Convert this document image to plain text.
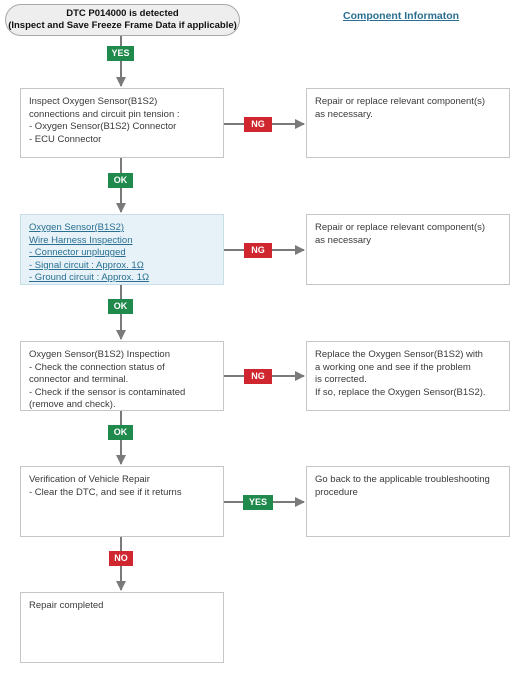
DTC P014000 is detected
(Inspect and Save Freeze Frame Data if applicable)
Component Informaton
YES
OK
OK
OK
NO
NG
NG
NG
YES
Inspect Oxygen Sensor(B1S2)
connections and circuit pin tension :
- Oxygen Sensor(B1S2) Connector
- ECU Connector
Oxygen Sensor(B1S2)
Wire Harness Inspection
- Connector unplugged
- Signal circuit : Approx. 1Ω
- Ground circuit : Approx. 1Ω
Oxygen Sensor(B1S2) Inspection
- Check the connection status of
connector and terminal.
- Check if the sensor is contaminated
(remove and check).
Verification of Vehicle Repair
- Clear the DTC, and see if it returns
Repair completed
Repair or replace relevant component(s)
as necessary.
Repair or replace relevant component(s)
as necessary
Replace the Oxygen Sensor(B1S2) with
a working one and see if the problem
is corrected.
If so, replace the Oxygen Sensor(B1S2).
Go back to the applicable troubleshooting
procedure
